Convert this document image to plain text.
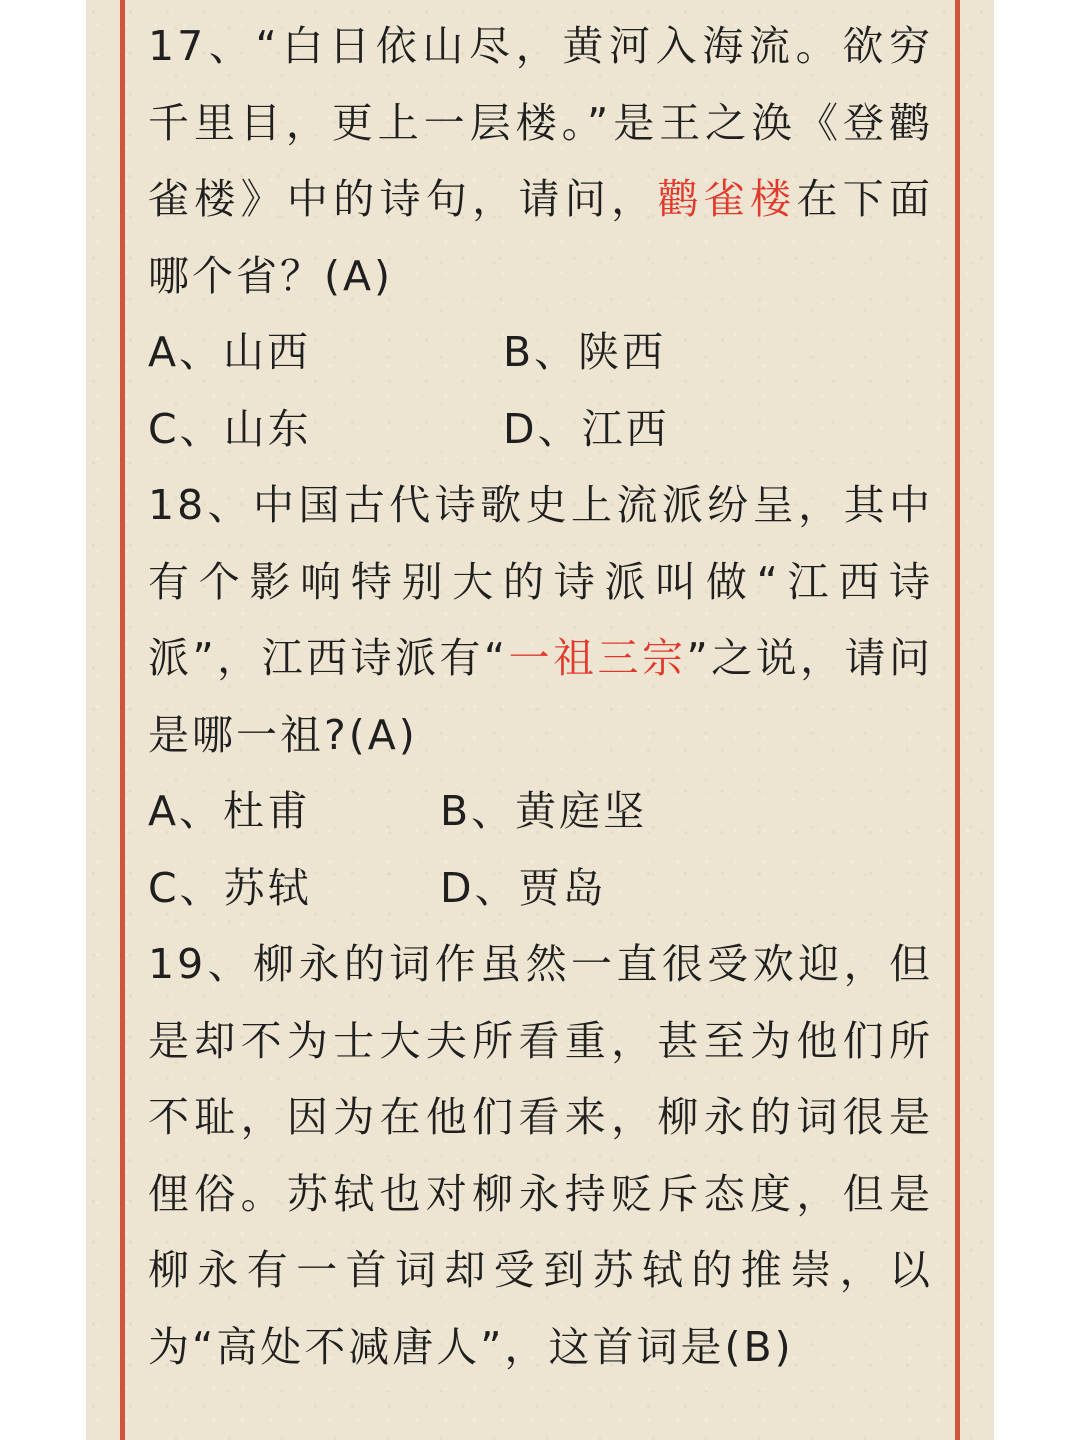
17、“白日依山尽，黄河入海流。欲穷千里目，更上一层楼。”是王之涣《登鹳雀楼》中的诗句，请问，鹳雀楼在下面哪个省？(A)

A、山西	B、陕西
C、山东	D、江西

18、中国古代诗歌史上流派纷呈，其中有个影响特别大的诗派叫做“江西诗派”，江西诗派有“一祖三宗”之说，请问是哪一祖?(A)

A、杜甫	B、黄庭坚
C、苏轼	D、贾岛

19、柳永的词作虽然一直很受欢迎，但是却不为士大夫所看重，甚至为他们所不耻，因为在他们看来，柳永的词很是俚俗。苏轼也对柳永持贬斥态度，但是柳永有一首词却受到苏轼的推崇，以为“高处不减唐人”，这首词是(B)
